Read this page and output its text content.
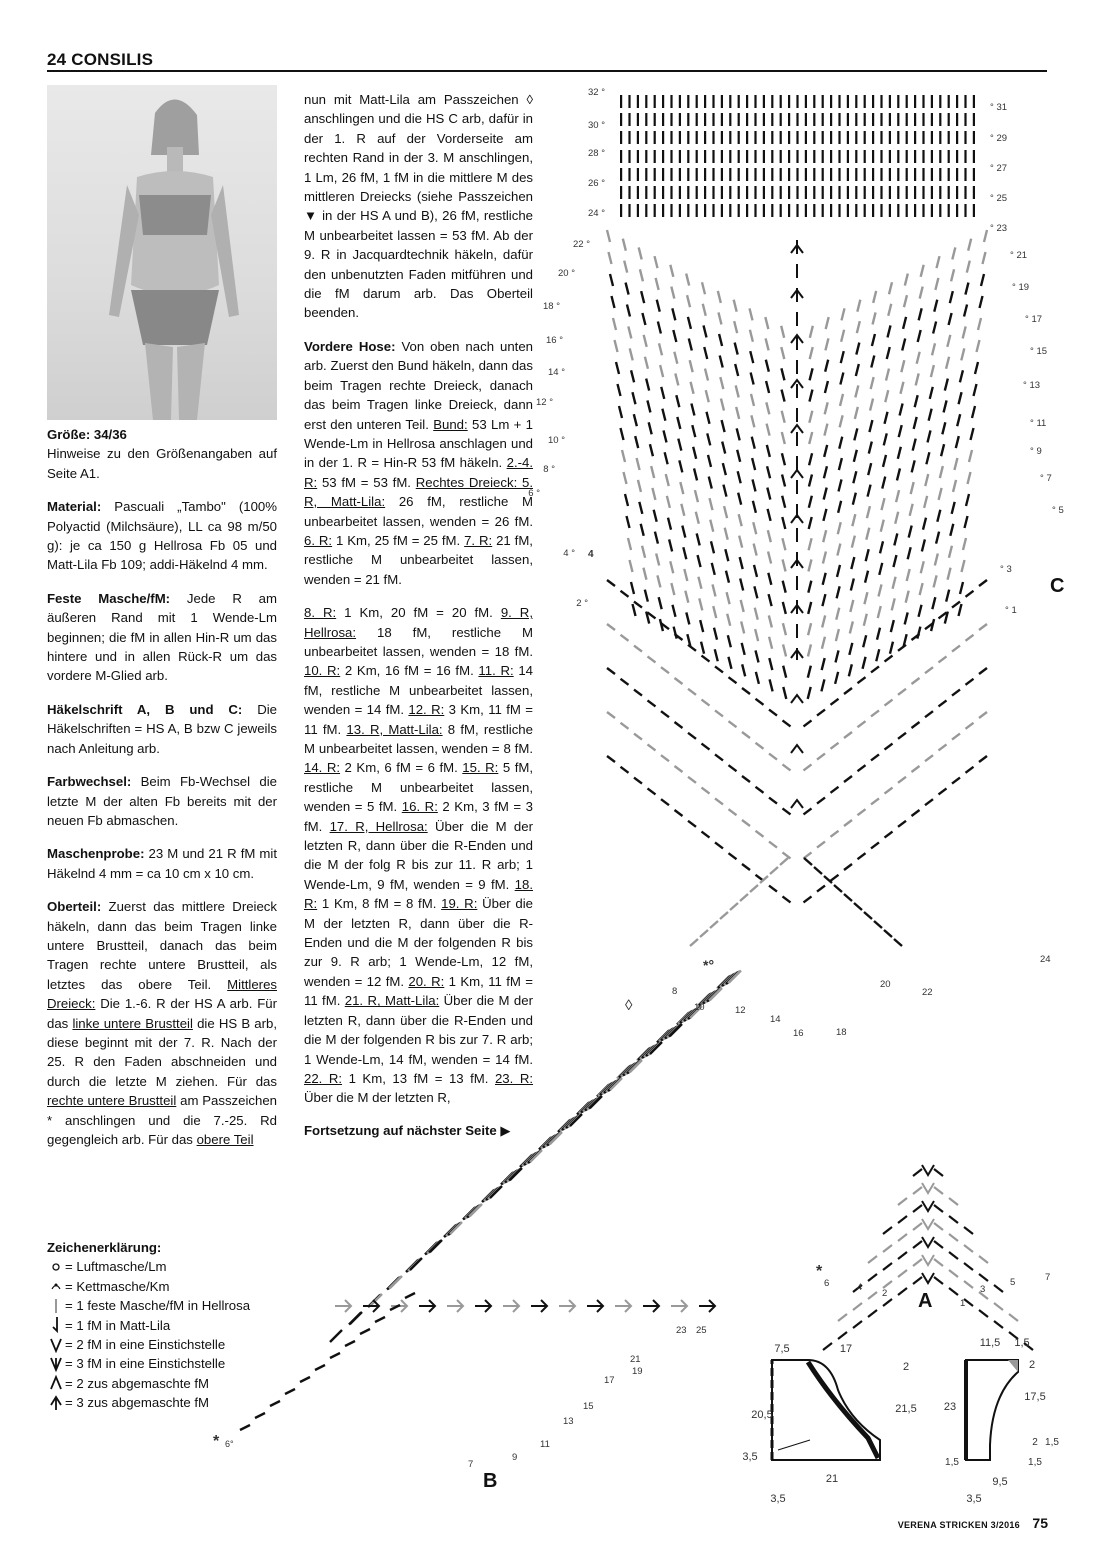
24 CONSILIS

Größe: 34/36
Hinweise zu den Größenangaben auf Seite A1.

Material: Pascuali „Tambo" (100% Polyactid (Milchsäure), LL ca 98 m/50 g): je ca 150 g Hellrosa Fb 05 und Matt-Lila Fb 109; addi-Häkelnd 4 mm.

Feste Masche/fM: Jede R am äußeren Rand mit 1 Wende-Lm beginnen; die fM in allen Hin-R um das hintere und in allen Rück-R um das vordere M-Glied arb.

Häkelschrift A, B und C: Die Häkelschriften = HS A, B bzw C jeweils nach Anleitung arb.

Farbwechsel: Beim Fb-Wechsel die letzte M der alten Fb bereits mit der neuen Fb abmaschen.

Maschenprobe: 23 M und 21 R fM mit Häkelnd 4 mm = ca 10 cm x 10 cm.

Oberteil: Zuerst das mittlere Dreieck häkeln, dann das beim Tragen linke untere Brustteil, danach das beim Tragen rechte untere Brustteil, als letztes das obere Teil. Mittleres Dreieck: Die 1.-6. R der HS A arb. Für das linke untere Brustteil die HS B arb, diese beginnt mit der 7. R. Nach der 25. R den Faden abschneiden und durch die letzte M ziehen. Für das rechte untere Brustteil am Passzeichen * anschlingen und die 7.-25. Rd gegengleich arb. Für das obere Teil

nun mit Matt-Lila am Passzeichen ◊ anschlingen und die HS C arb, dafür in der 1. R auf der Vorderseite am rechten Rand in der 3. M anschlingen, 1 Lm, 26 fM, 1 fM in die mittlere M des mittleren Dreiecks (siehe Passzeichen ▼ in der HS A und B), 26 fM, restliche M unbearbeitet lassen = 53 fM. Ab der 9. R in Jacquardtechnik häkeln, dafür den unbenutzten Faden mitführen und die fM darum arb. Das Oberteil beenden.

Vordere Hose: Von oben nach unten arb. Zuerst den Bund häkeln, dann das beim Tragen rechte Dreieck, danach das beim Tragen linke Dreieck, dann erst den unteren Teil. Bund: 53 Lm + 1 Wende-Lm in Hellrosa anschlagen und in der 1. R = Hin-R 53 fM häkeln. 2.-4. R: 53 fM = 53 fM. Rechtes Dreieck: 5. R, Matt-Lila: 26 fM, restliche M unbearbeitet lassen, wenden = 26 fM. 6. R: 1 Km, 25 fM = 25 fM. 7. R: 21 fM, restliche M unbearbeitet lassen, wenden = 21 fM.

8. R: 1 Km, 20 fM = 20 fM. 9. R, Hellrosa: 18 fM, restliche M unbearbeitet lassen, wenden = 18 fM. 10. R: 2 Km, 16 fM = 16 fM. 11. R: 14 fM, restliche M unbearbeitet lassen, wenden = 14 fM. 12. R: 3 Km, 11 fM = 11 fM. 13. R, Matt-Lila: 8 fM, restliche M unbearbeitet lassen, wenden = 8 fM. 14. R: 2 Km, 6 fM = 6 fM. 15. R: 5 fM, restliche M unbearbeitet lassen, wenden = 5 fM. 16. R: 2 Km, 3 fM = 3 fM. 17. R, Hellrosa: Über die M der letzten R, dann über die R-Enden und die M der folg R bis zur 11. R arb; 1 Wende-Lm, 9 fM, wenden = 9 fM. 18. R: 1 Km, 8 fM = 8 fM. 19. R: Über die M der letzten R, dann über die R-Enden und die M der folgenden R bis zur 9. R arb; 1 Wende-Lm, 12 fM, wenden = 12 fM. 20. R: 1 Km, 11 fM = 11 fM. 21. R, Matt-Lila: Über die M der letzten R, dann über die R-Enden und die M der folgenden R bis zur 7. R arb; 1 Wende-Lm, 14 fM, wenden = 14 fM. 22. R: 1 Km, 13 fM = 13 fM. 23. R: Über die M der letzten R,

Fortsetzung auf nächster Seite ▶
Zeichenerklärung:
= Luftmasche/Lm
= Kettmasche/Km
= 1 feste Masche/fM in Hellrosa
= 1 fM in Matt-Lila
= 2 fM in eine Einstichstelle
= 3 fM in eine Einstichstelle
= 2 zus abgemaschte fM
= 3 zus abgemaschte fM
32 °
30 °
28 °
26 °
24 °
22 °
20 °
18 °
16 °
14 °
12 °
10 °
8 °
6 °
4 °
2 °
° 31
° 29
° 27
° 25
° 23
° 21
° 19
° 17
° 15
° 13
° 11
° 9
° 7
° 5
° 3
° 1
4
*°
8
10	12
14
16	18
20
22
24
25
23
21
19
17
15
13
11
9
7
* 6°
◊
*
6	4
2
1
3
5	7
7,5	17
20,5
3,5
21,5
2
21
3,5
11,5 1,5
2
23
17,5
1,5
2
1,5
1,5
9,5
3,5
C
B
A
VERENA STRICKEN 3/2016 75
